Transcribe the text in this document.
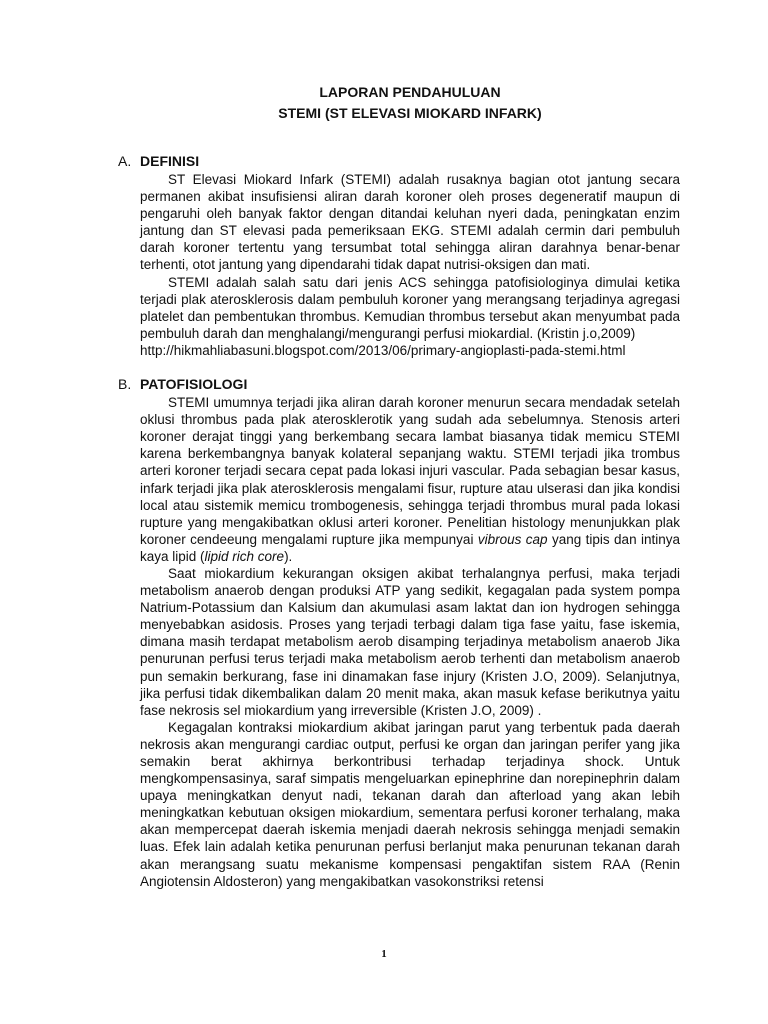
LAPORAN PENDAHULUAN
STEMI (ST ELEVASI MIOKARD INFARK)
A. DEFINISI

ST Elevasi Miokard Infark (STEMI) adalah rusaknya bagian otot jantung secara permanen akibat insufisiensi aliran darah koroner oleh proses degeneratif maupun di pengaruhi oleh banyak faktor dengan ditandai keluhan nyeri dada, peningkatan enzim jantung dan ST elevasi pada pemeriksaan EKG. STEMI adalah cermin dari pembuluh darah koroner tertentu yang tersumbat total sehingga aliran darahnya benar-benar terhenti, otot jantung yang dipendarahi tidak dapat nutrisi-oksigen dan mati.

STEMI adalah salah satu dari jenis ACS sehingga patofisiologinya dimulai ketika terjadi plak aterosklerosis dalam pembuluh koroner yang merangsang terjadinya agregasi platelet dan pembentukan thrombus. Kemudian thrombus tersebut akan menyumbat pada pembuluh darah dan menghalangi/mengurangi perfusi miokardial. (Kristin j.o,2009)

http://hikmahliabasuni.blogspot.com/2013/06/primary-angioplasti-pada-stemi.html

B. PATOFISIOLOGI

STEMI umumnya terjadi jika aliran darah koroner menurun secara mendadak setelah oklusi thrombus pada plak aterosklerotik yang sudah ada sebelumnya. Stenosis arteri koroner derajat tinggi yang berkembang secara lambat biasanya tidak memicu STEMI karena berkembangnya banyak kolateral sepanjang waktu. STEMI terjadi jika trombus arteri koroner terjadi secara cepat pada lokasi injuri vascular. Pada sebagian besar kasus, infark terjadi jika plak aterosklerosis mengalami fisur, rupture atau ulserasi dan jika kondisi local atau sistemik memicu trombogenesis, sehingga terjadi thrombus mural pada lokasi rupture yang mengakibatkan oklusi arteri koroner. Penelitian histology menunjukkan plak koroner cendeeung mengalami rupture jika mempunyai vibrous cap yang tipis dan intinya kaya lipid (lipid rich core).

Saat miokardium kekurangan oksigen akibat terhalangnya perfusi, maka terjadi metabolism anaerob dengan produksi ATP yang sedikit, kegagalan pada system pompa Natrium-Potassium dan Kalsium dan akumulasi asam laktat dan ion hydrogen sehingga menyebabkan asidosis. Proses yang terjadi terbagi dalam tiga fase yaitu, fase iskemia, dimana masih terdapat metabolism aerob disamping terjadinya metabolism anaerob Jika penurunan perfusi terus terjadi maka metabolism aerob terhenti dan metabolism anaerob pun semakin berkurang, fase ini dinamakan fase injury (Kristen J.O, 2009). Selanjutnya, jika perfusi tidak dikembalikan dalam 20 menit maka, akan masuk kefase berikutnya yaitu fase nekrosis sel miokardium yang irreversible (Kristen J.O, 2009) .

Kegagalan kontraksi miokardium akibat jaringan parut yang terbentuk pada daerah nekrosis akan mengurangi cardiac output, perfusi ke organ dan jaringan perifer yang jika semakin berat akhirnya berkontribusi terhadap terjadinya shock. Untuk mengkompensasinya, saraf simpatis mengeluarkan epinephrine dan norepinephrin dalam upaya meningkatkan denyut nadi, tekanan darah dan afterload yang akan lebih meningkatkan kebutuan oksigen miokardium, sementara perfusi koroner terhalang, maka akan mempercepat daerah iskemia menjadi daerah nekrosis sehingga menjadi semakin luas. Efek lain adalah ketika penurunan perfusi berlanjut maka penurunan tekanan darah akan merangsang suatu mekanisme kompensasi pengaktifan sistem RAA (Renin Angiotensin Aldosteron) yang mengakibatkan vasokonstriksi retensi

1
